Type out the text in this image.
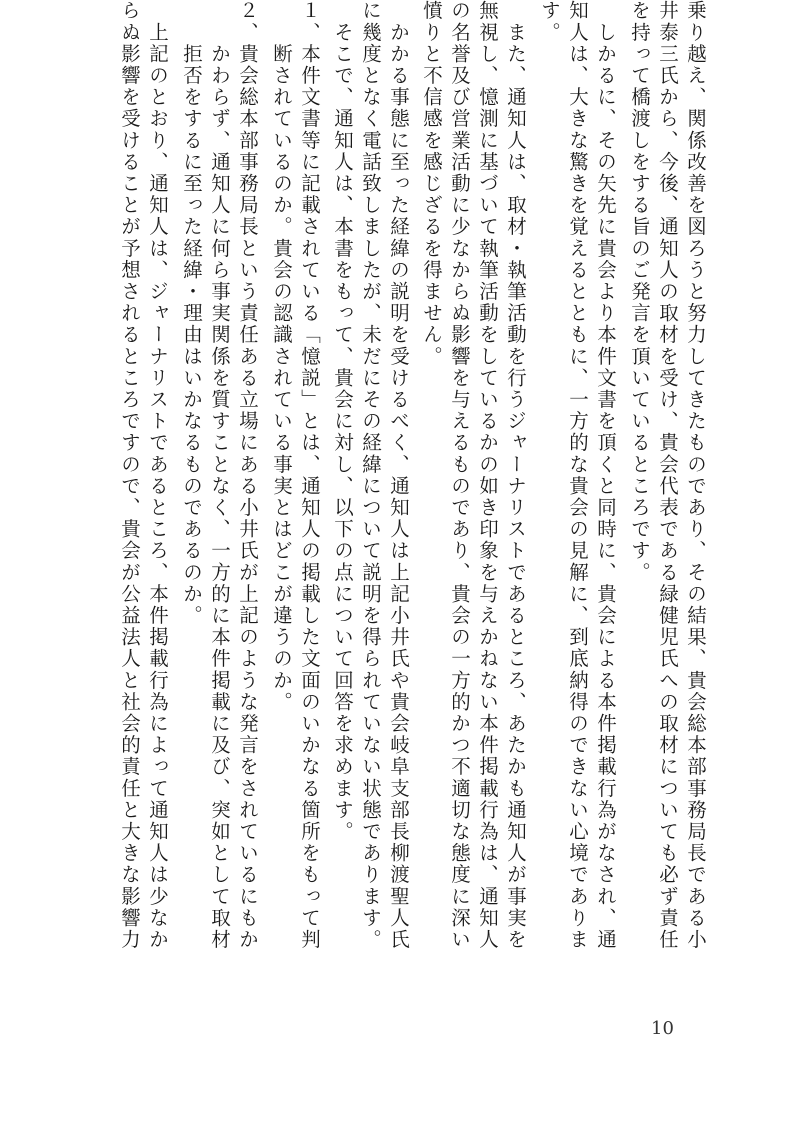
乗り越え、関係改善を図ろうと努力してきたものであり、その結果、貴会総本部事務局長である小
井泰三氏から、今後、通知人の取材を受け、貴会代表である緑健児氏への取材についても必ず責任
を持って橋渡しをする旨のご発言を頂いているところです。
　しかるに、その矢先に貴会より本件文書を頂くと同時に、貴会による本件掲載行為がなされ、通
知人は、大きな驚きを覚えるとともに、一方的な貴会の見解に、到底納得のできない心境でありま
す。
　また、通知人は、取材・執筆活動を行うジャーナリストであるところ、あたかも通知人が事実を
無視し、憶測に基づいて執筆活動をしているかの如き印象を与えかねない本件掲載行為は、通知人
の名誉及び営業活動に少なからぬ影響を与えるものであり、貴会の一方的かつ不適切な態度に深い
憤りと不信感を感じざるを得ません。
　かかる事態に至った経緯の説明を受けるべく、通知人は上記小井氏や貴会岐阜支部長柳渡聖人氏
に幾度となく電話致しましたが、未だにその経緯について説明を得られていない状態であります。
　そこで、通知人は、本書をもって、貴会に対し、以下の点について回答を求めます。
１、本件文書等に記載されている「憶説」とは、通知人の掲載した文面のいかなる箇所をもって判
　　断されているのか。貴会の認識されている事実とはどこが違うのか。
２、貴会総本部事務局長という責任ある立場にある小井氏が上記のような発言をされているにもか
　　かわらず、通知人に何ら事実関係を質すことなく、一方的に本件掲載に及び、突如として取材
　　拒否をするに至った経緯・理由はいかなるものであるのか。
　上記のとおり、通知人は、ジャーナリストであるところ、本件掲載行為によって通知人は少なか
らぬ影響を受けることが予想されるところですので、貴会が公益法人と社会的責任と大きな影響力
10
